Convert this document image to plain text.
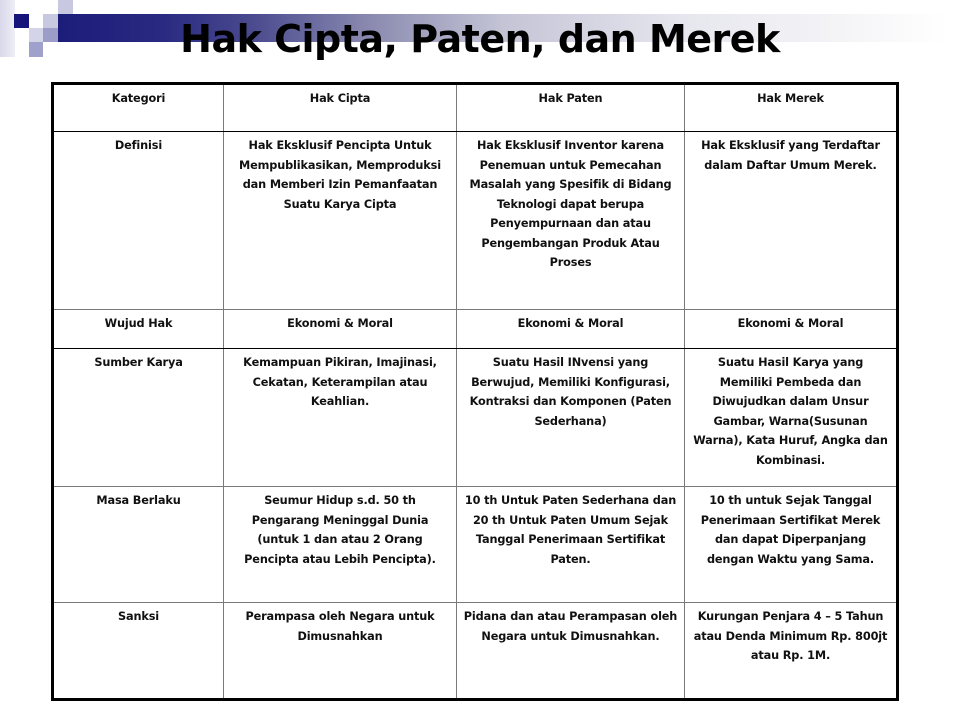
Hak Cipta, Paten, dan Merek
Kategori	Hak Cipta	Hak Paten	Hak Merek
Definisi	Hak Eksklusif Pencipta Untuk Mempublikasikan, Memproduksi dan Memberi Izin Pemanfaatan Suatu Karya Cipta	Hak Eksklusif Inventor karena Penemuan untuk Pemecahan Masalah yang Spesifik di Bidang Teknologi dapat berupa Penyempurnaan dan atau Pengembangan Produk Atau Proses	Hak Eksklusif yang Terdaftar dalam Daftar Umum Merek.
Wujud Hak	Ekonomi & Moral	Ekonomi & Moral	Ekonomi & Moral
Sumber Karya	Kemampuan Pikiran, Imajinasi, Cekatan, Keterampilan atau Keahlian.	Suatu Hasil INvensi yang Berwujud, Memiliki Konfigurasi, Kontraksi dan Komponen (Paten Sederhana)	Suatu Hasil Karya yang Memiliki Pembeda dan Diwujudkan dalam Unsur Gambar, Warna(Susunan Warna), Kata Huruf, Angka dan Kombinasi.
Masa Berlaku	Seumur Hidup s.d. 50 th Pengarang Meninggal Dunia (untuk 1 dan atau 2 Orang Pencipta atau Lebih Pencipta).	10 th Untuk Paten Sederhana dan 20 th Untuk Paten Umum Sejak Tanggal Penerimaan Sertifikat Paten.	10 th untuk Sejak Tanggal Penerimaan Sertifikat Merek dan dapat Diperpanjang dengan Waktu yang Sama.
Sanksi	Perampasa oleh Negara untuk Dimusnahkan	Pidana dan atau Perampasan oleh Negara untuk Dimusnahkan.	Kurungan Penjara 4 – 5 Tahun atau Denda Minimum Rp. 800jt atau Rp. 1M.
